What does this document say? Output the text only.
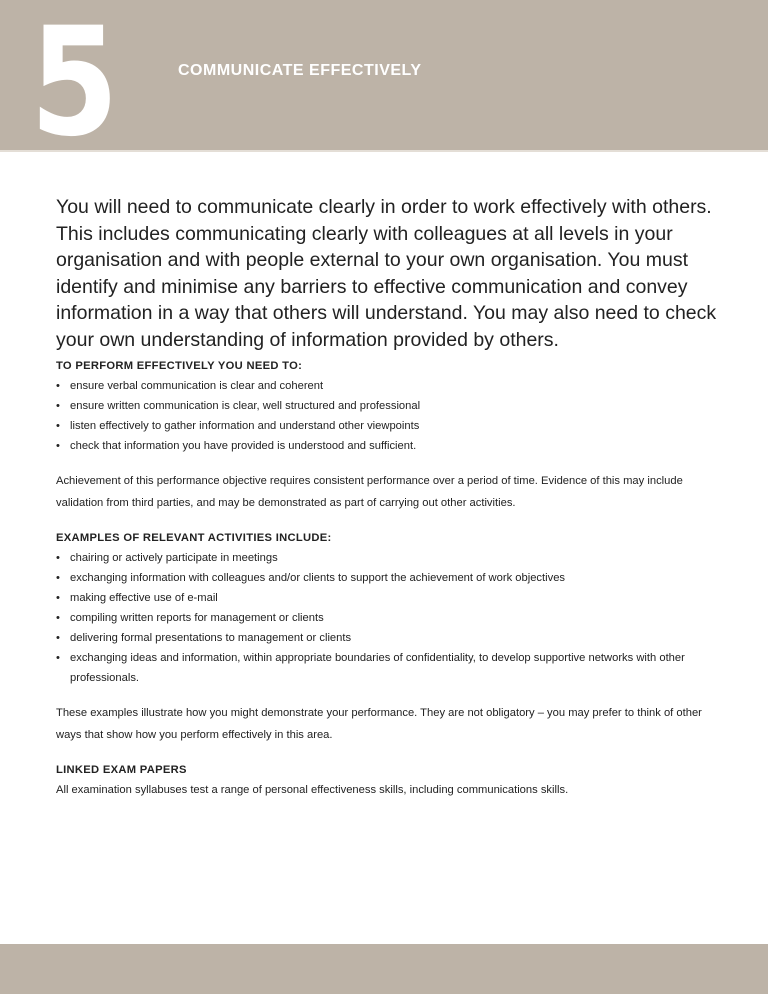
5	COMMUNICATE EFFECTIVELY

You will need to communicate clearly in order to work effectively with others. This includes communicating clearly with colleagues at all levels in your organisation and with people external to your own organisation. You must identify and minimise any barriers to effective communication and convey information in a way that others will understand. You may also need to check your own understanding of information provided by others.

TO PERFORM EFFECTIVELY YOU NEED TO:
• ensure verbal communication is clear and coherent
• ensure written communication is clear, well structured and professional
• listen effectively to gather information and understand other viewpoints
• check that information you have provided is understood and sufficient.

Achievement of this performance objective requires consistent performance over a period of time. Evidence of this may include validation from third parties, and may be demonstrated as part of carrying out other activities.

EXAMPLES OF RELEVANT ACTIVITIES INCLUDE:
• chairing or actively participate in meetings
• exchanging information with colleagues and/or clients to support the achievement of work objectives
• making effective use of e-mail
• compiling written reports for management or clients
• delivering formal presentations to management or clients
• exchanging ideas and information, within appropriate boundaries of confidentiality, to develop supportive networks with other professionals.

These examples illustrate how you might demonstrate your performance. They are not obligatory – you may prefer to think of other ways that show how you perform effectively in this area.

LINKED EXAM PAPERS

All examination syllabuses test a range of personal effectiveness skills, including communications skills.
